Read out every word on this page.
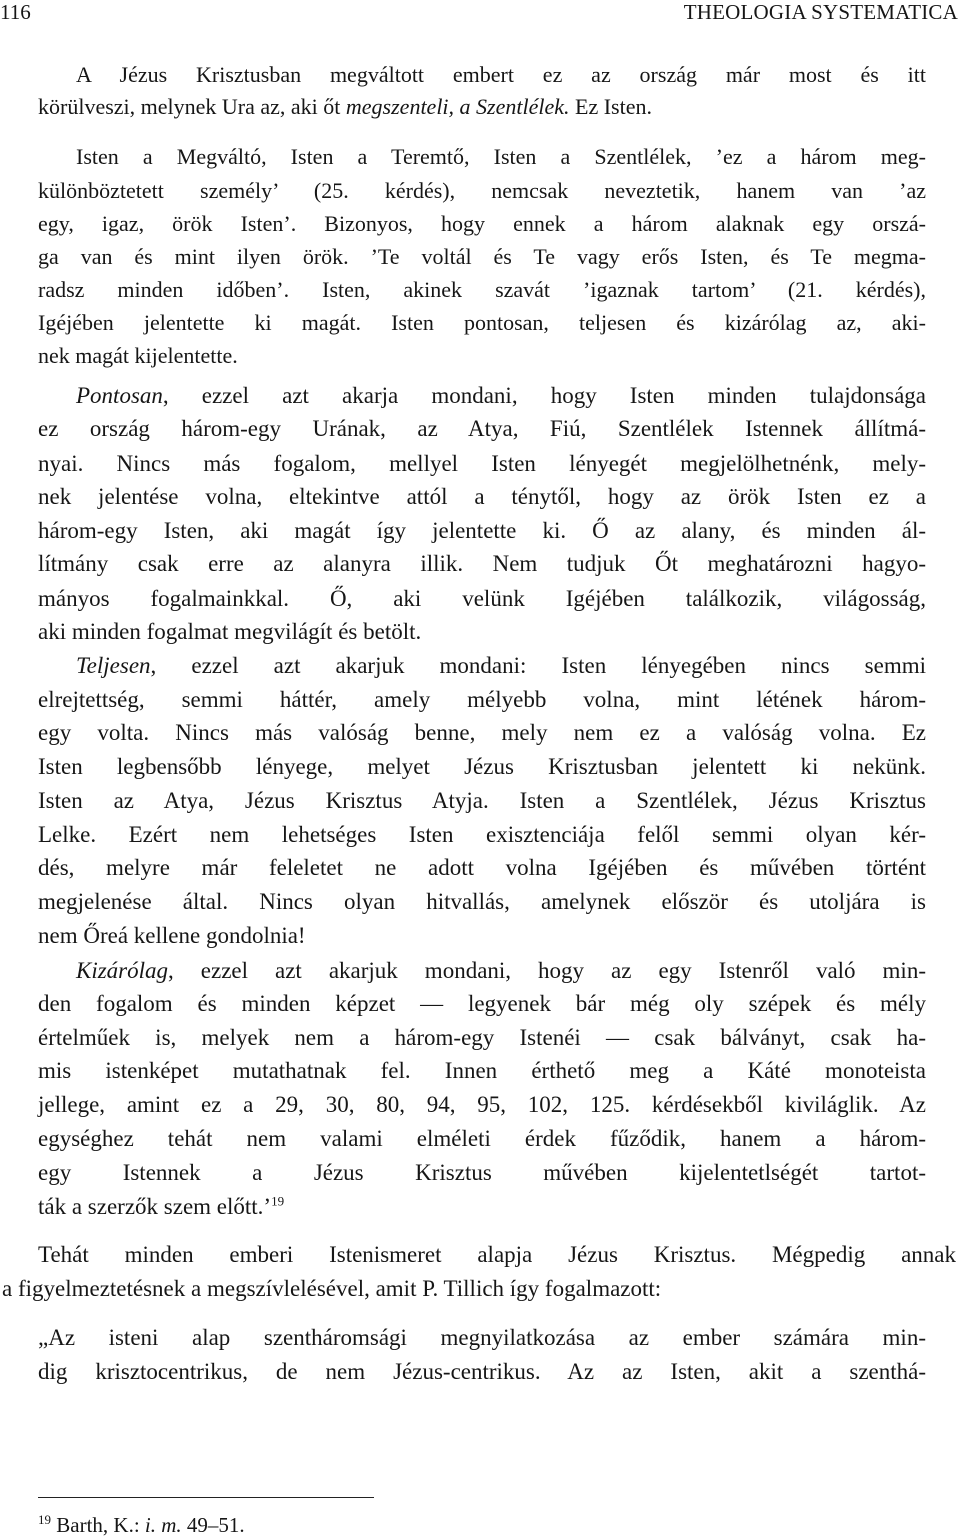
116	THEOLOGIA SYSTEMATICA
A Jézus Krisztusban megváltott embert ez az ország már most és itt
körülveszi, melynek Ura az, aki őt megszenteli, a Szentlélek. Ez Isten.
Isten a Megváltó, Isten a Teremtő, Isten a Szentlélek, ’ez a három meg-
különböztetett személy’ (25. kérdés), nemcsak neveztetik, hanem van ’az
egy, igaz, örök Isten’. Bizonyos, hogy ennek a három alaknak egy orszá-
ga van és mint ilyen örök. ’Te voltál és Te vagy erős Isten, és Te megma-
radsz minden időben’. Isten, akinek szavát ’igaznak tartom’ (21. kérdés),
Igéjében jelentette ki magát. Isten pontosan, teljesen és kizárólag az, aki-
nek magát kijelentette.
Pontosan, ezzel azt akarja mondani, hogy Isten minden tulajdonsága
ez ország három-egy Urának, az Atya, Fiú, Szentlélek Istennek állítmá-
nyai. Nincs más fogalom, mellyel Isten lényegét megjelölhetnénk, mely-
nek jelentése volna, eltekintve attól a ténytől, hogy az örök Isten ez a
három-egy Isten, aki magát így jelentette ki. Ő az alany, és minden ál-
lítmány csak erre az alanyra illik. Nem tudjuk Őt meghatározni hagyo-
mányos fogalmainkkal. Ő, aki velünk Igéjében találkozik, világosság,
aki minden fogalmat megvilágít és betölt.
Teljesen, ezzel azt akarjuk mondani: Isten lényegében nincs semmi
elrejtettség, semmi háttér, amely mélyebb volna, mint létének három-
egy volta. Nincs más valóság benne, mely nem ez a valóság volna. Ez
Isten legbensőbb lényege, melyet Jézus Krisztusban jelentett ki nekünk.
Isten az Atya, Jézus Krisztus Atyja. Isten a Szentlélek, Jézus Krisztus
Lelke. Ezért nem lehetséges Isten exisztenciája felől semmi olyan kér-
dés, melyre már feleletet ne adott volna Igéjében és művében történt
megjelenése által. Nincs olyan hitvallás, amelynek először és utoljára is
nem Őreá kellene gondolnia!
Kizárólag, ezzel azt akarjuk mondani, hogy az egy Istenről való min-
den fogalom és minden képzet — legyenek bár még oly szépek és mély
értelműek is, melyek nem a három-egy Istenéi — csak bálványt, csak ha-
mis istenképet mutathatnak fel. Innen érthető meg a Káté monoteista
jellege, amint ez a 29, 30, 80, 94, 95, 102, 125. kérdésekből kiviláglik. Az
egységhez tehát nem valami elméleti érdek fűződik, hanem a három-
egy Istennek a Jézus Krisztus művében kijelentetlségét tartot-
ták a szerzők szem előtt.’$^{19}$
Tehát minden emberi Istenismeret alapja Jézus Krisztus. Mégpedig annak
a figyelmeztetésnek a megszívlelésével, amit P. Tillich így fogalmazott:
„Az isteni alap szentháromsági megnyilatkozása az ember számára min-
dig krisztocentrikus, de nem Jézus-centrikus. Az az Isten, akit a szenthá-
$^{19}$ Barth, K.: i. m. 49–51.
